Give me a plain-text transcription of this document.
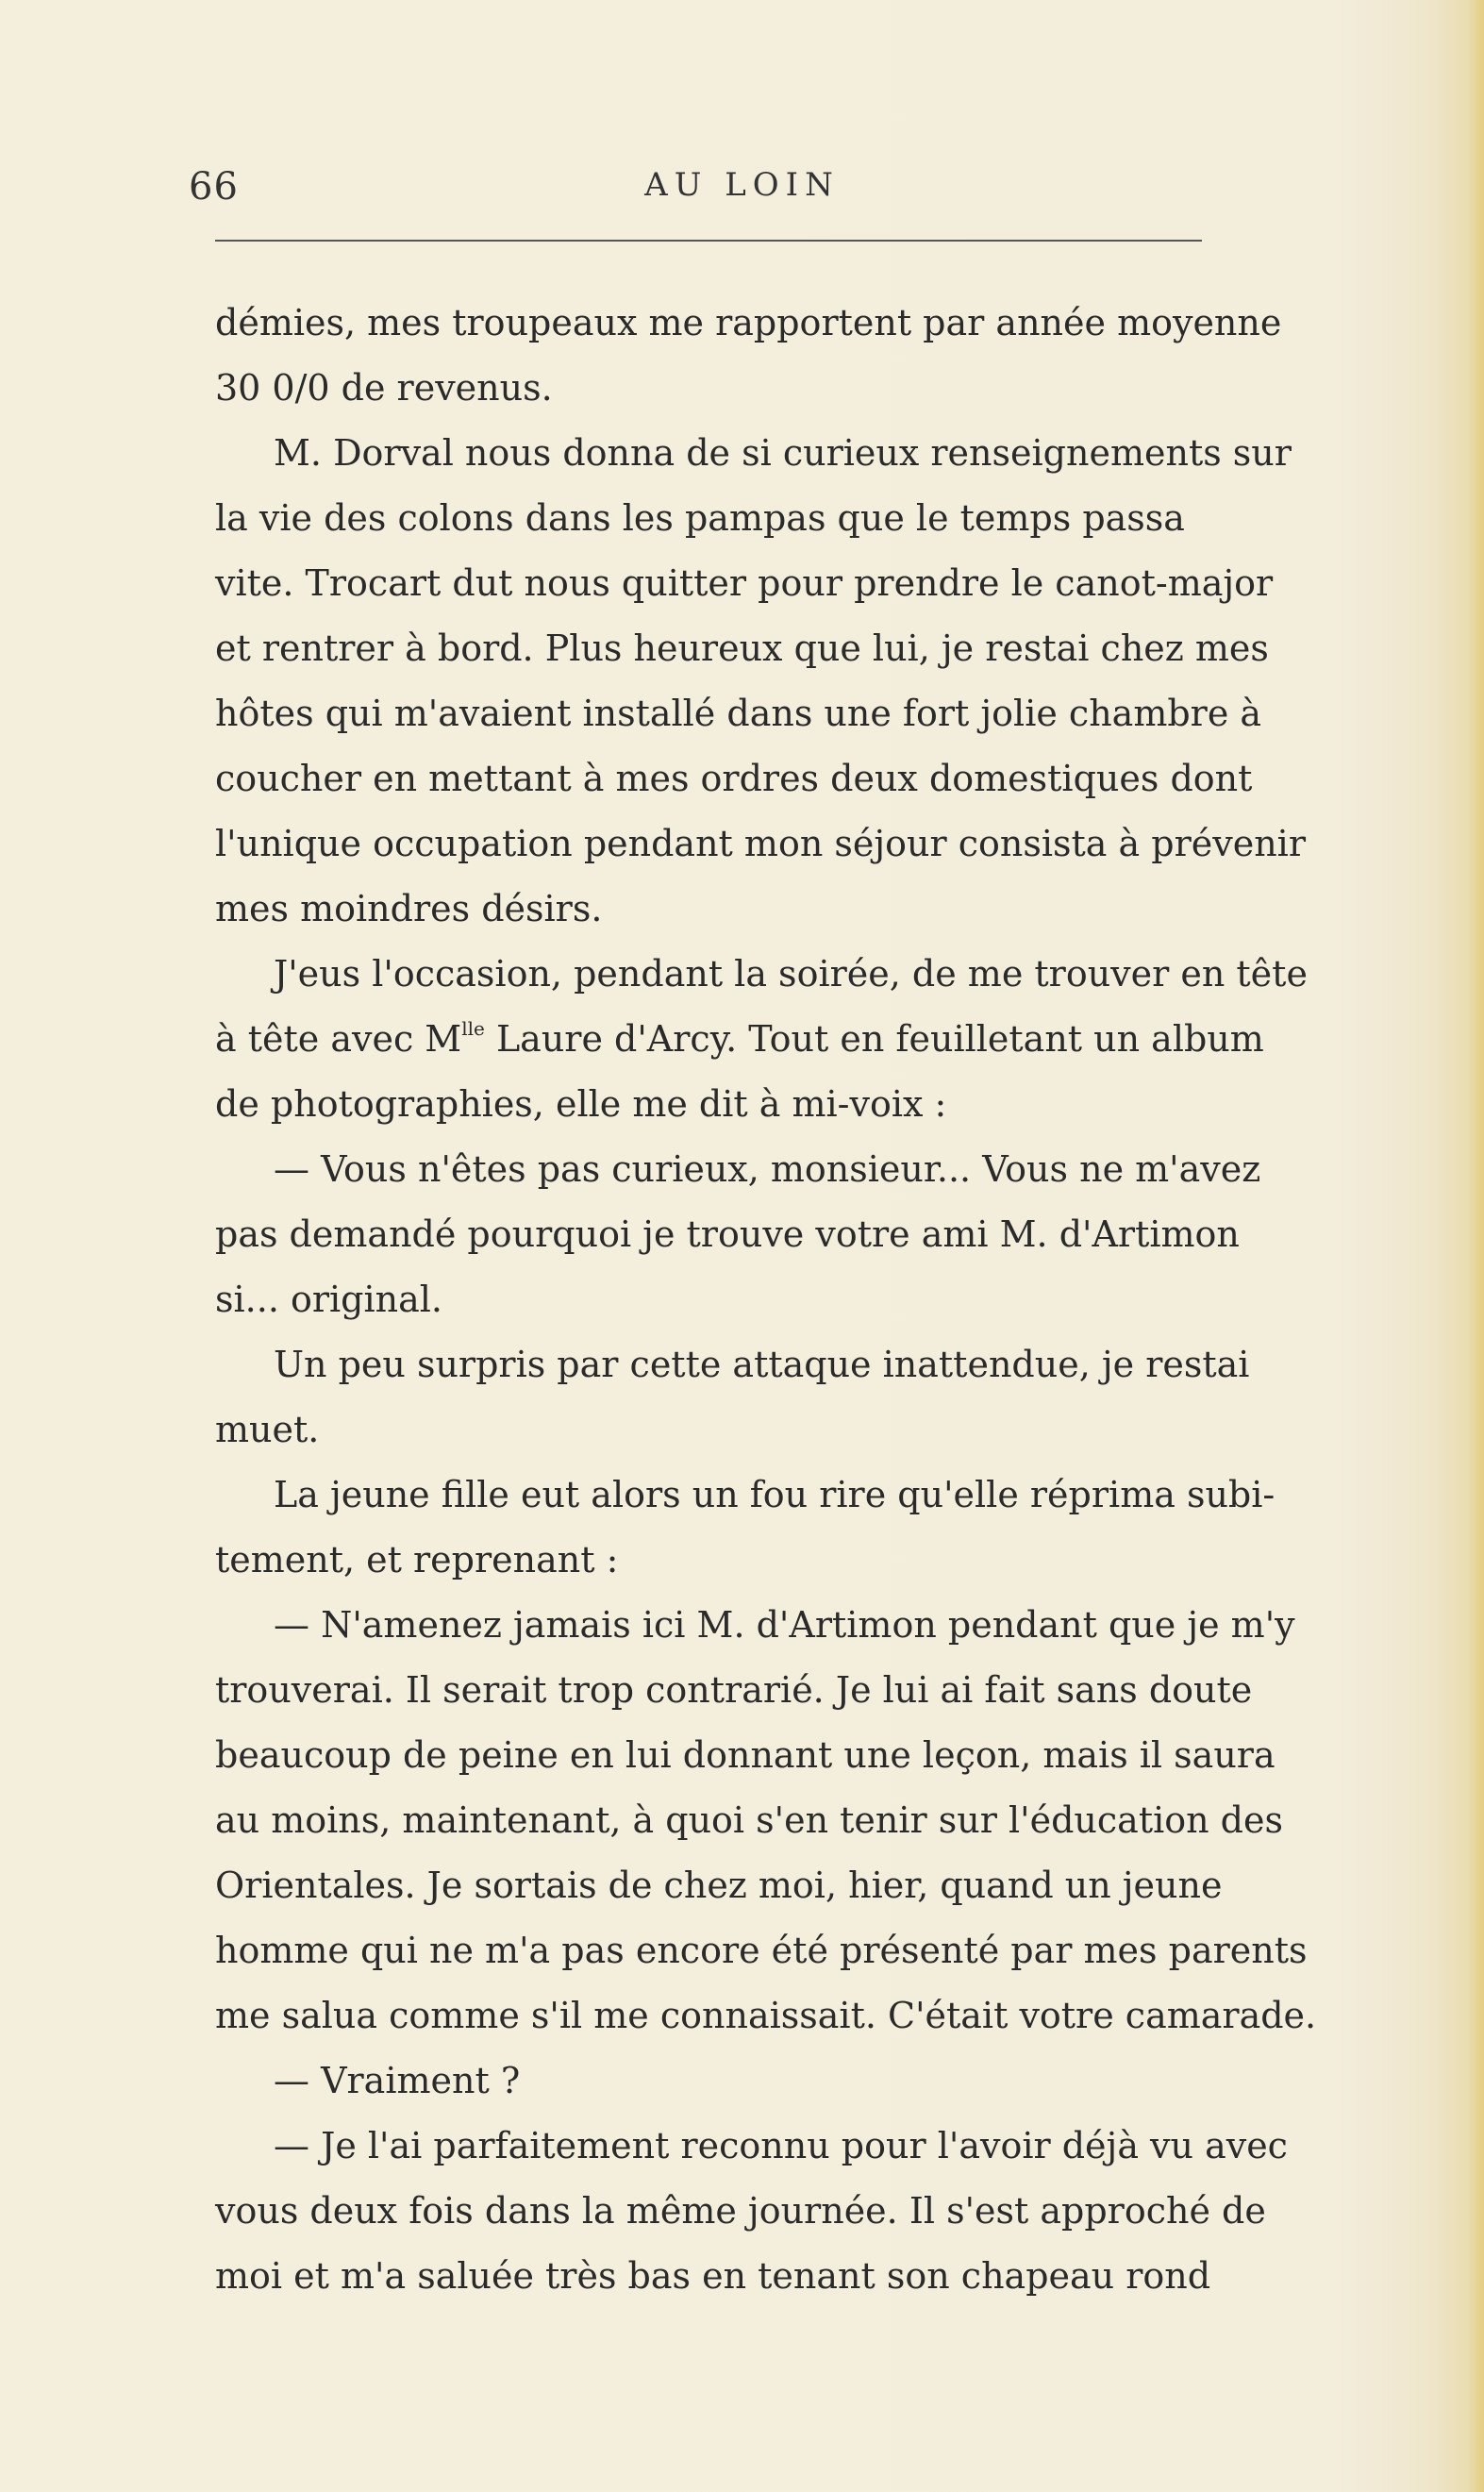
66	AU LOIN
démies, mes troupeaux me rapportent par année moyenne
30 0/0 de revenus.
M. Dorval nous donna de si curieux renseignements sur
la vie des colons dans les pampas que le temps passa
vite. Trocart dut nous quitter pour prendre le canot-major
et rentrer à bord. Plus heureux que lui, je restai chez mes
hôtes qui m'avaient installé dans une fort jolie chambre à
coucher en mettant à mes ordres deux domestiques dont
l'unique occupation pendant mon séjour consista à prévenir
mes moindres désirs.
J'eus l'occasion, pendant la soirée, de me trouver en tête
à tête avec $M^{lle}$ Laure d'Arcy. Tout en feuilletant un album
de photographies, elle me dit à mi-voix :
— Vous n'êtes pas curieux, monsieur... Vous ne m'avez
pas demandé pourquoi je trouve votre ami M. d'Artimon
si... original.
Un peu surpris par cette attaque inattendue, je restai
muet.
La jeune fille eut alors un fou rire qu'elle réprima subi-
tement, et reprenant :
— N'amenez jamais ici M. d'Artimon pendant que je m'y
trouverai. Il serait trop contrarié. Je lui ai fait sans doute
beaucoup de peine en lui donnant une leçon, mais il saura
au moins, maintenant, à quoi s'en tenir sur l'éducation des
Orientales. Je sortais de chez moi, hier, quand un jeune
homme qui ne m'a pas encore été présenté par mes parents
me salua comme s'il me connaissait. C'était votre camarade.
— Vraiment ?
— Je l'ai parfaitement reconnu pour l'avoir déjà vu avec
vous deux fois dans la même journée. Il s'est approché de
moi et m'a saluée très bas en tenant son chapeau rond
